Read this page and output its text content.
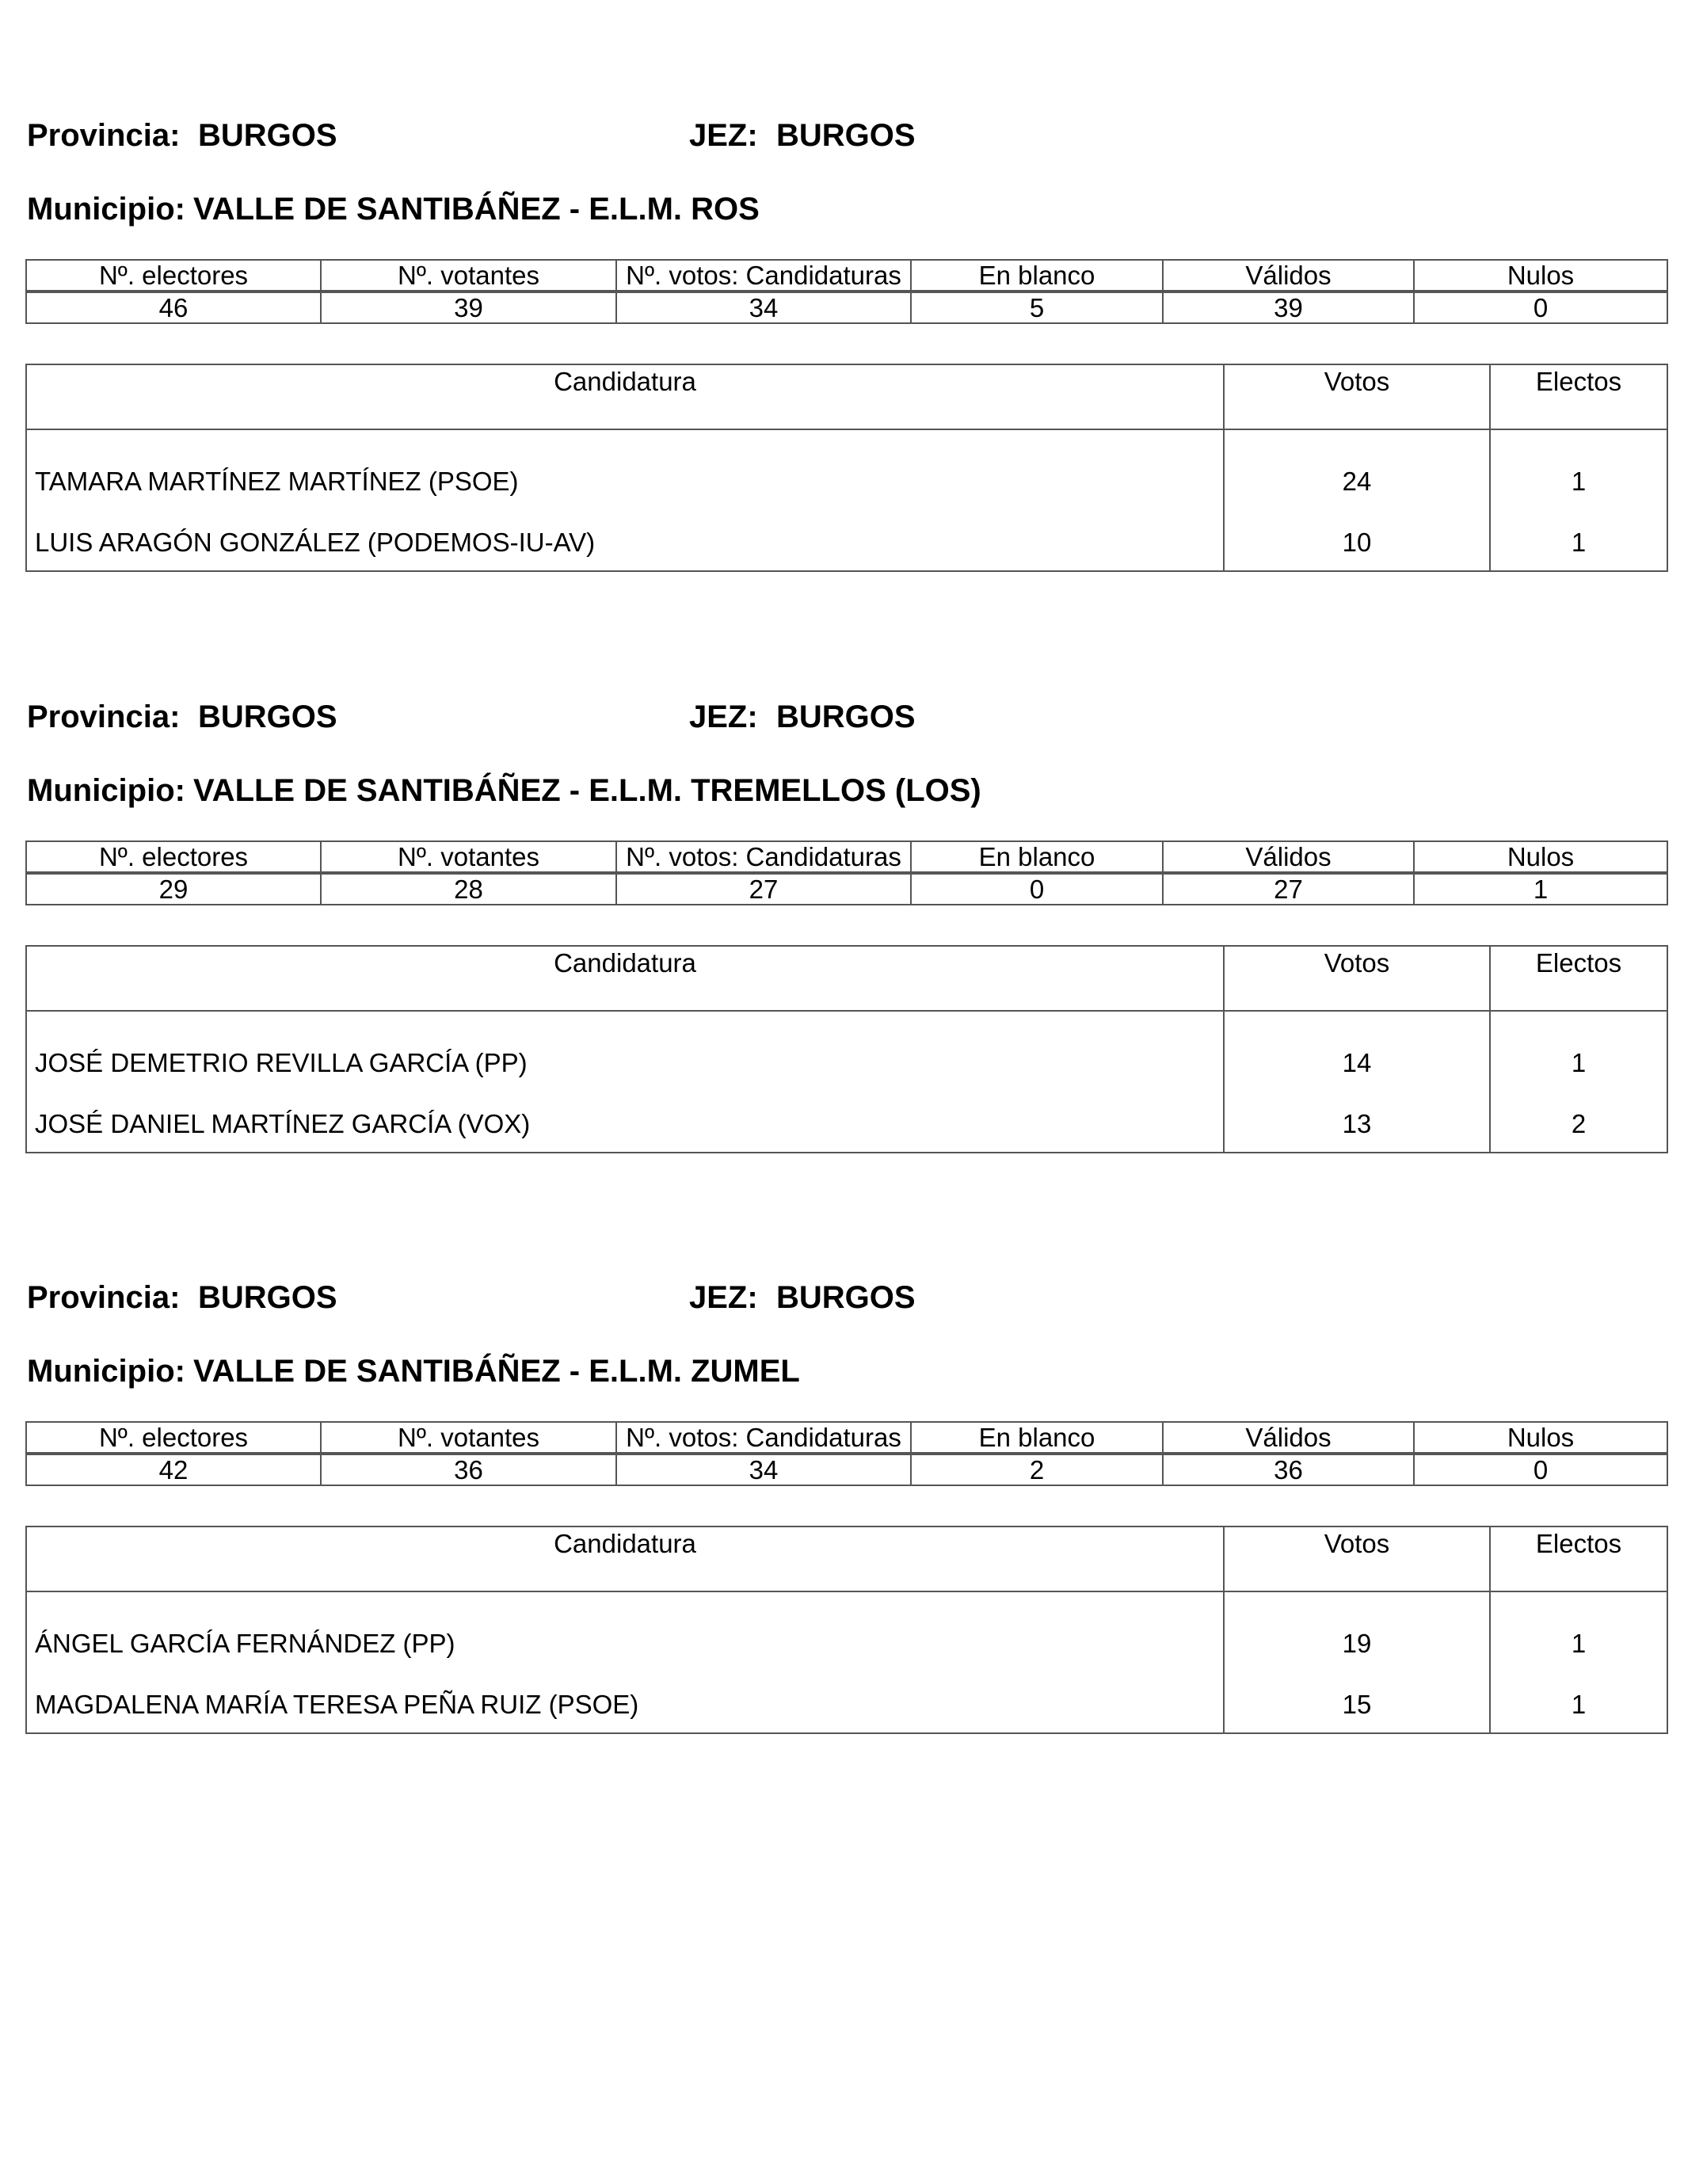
Provincia: BURGOS	JEZ: BURGOS
Municipio: VALLE DE SANTIBÁÑEZ - E.L.M. ROS
Nº. electores	Nº. votantes	Nº. votos: Candidaturas	En blanco	Válidos	Nulos
46	39	34	5	39	0
Candidatura	Votos	Electos
TAMARA MARTÍNEZ MARTÍNEZ (PSOE)	24	1
LUIS ARAGÓN GONZÁLEZ (PODEMOS-IU-AV)	10	1
Provincia: BURGOS	JEZ: BURGOS
Municipio: VALLE DE SANTIBÁÑEZ - E.L.M. TREMELLOS (LOS)
Nº. electores	Nº. votantes	Nº. votos: Candidaturas	En blanco	Válidos	Nulos
29	28	27	0	27	1
Candidatura	Votos	Electos
JOSÉ DEMETRIO REVILLA GARCÍA (PP)	14	1
JOSÉ DANIEL MARTÍNEZ GARCÍA (VOX)	13	2
Provincia: BURGOS	JEZ: BURGOS
Municipio: VALLE DE SANTIBÁÑEZ - E.L.M. ZUMEL
Nº. electores	Nº. votantes	Nº. votos: Candidaturas	En blanco	Válidos	Nulos
42	36	34	2	36	0
Candidatura	Votos	Electos
ÁNGEL GARCÍA FERNÁNDEZ (PP)	19	1
MAGDALENA MARÍA TERESA PEÑA RUIZ (PSOE)	15	1
